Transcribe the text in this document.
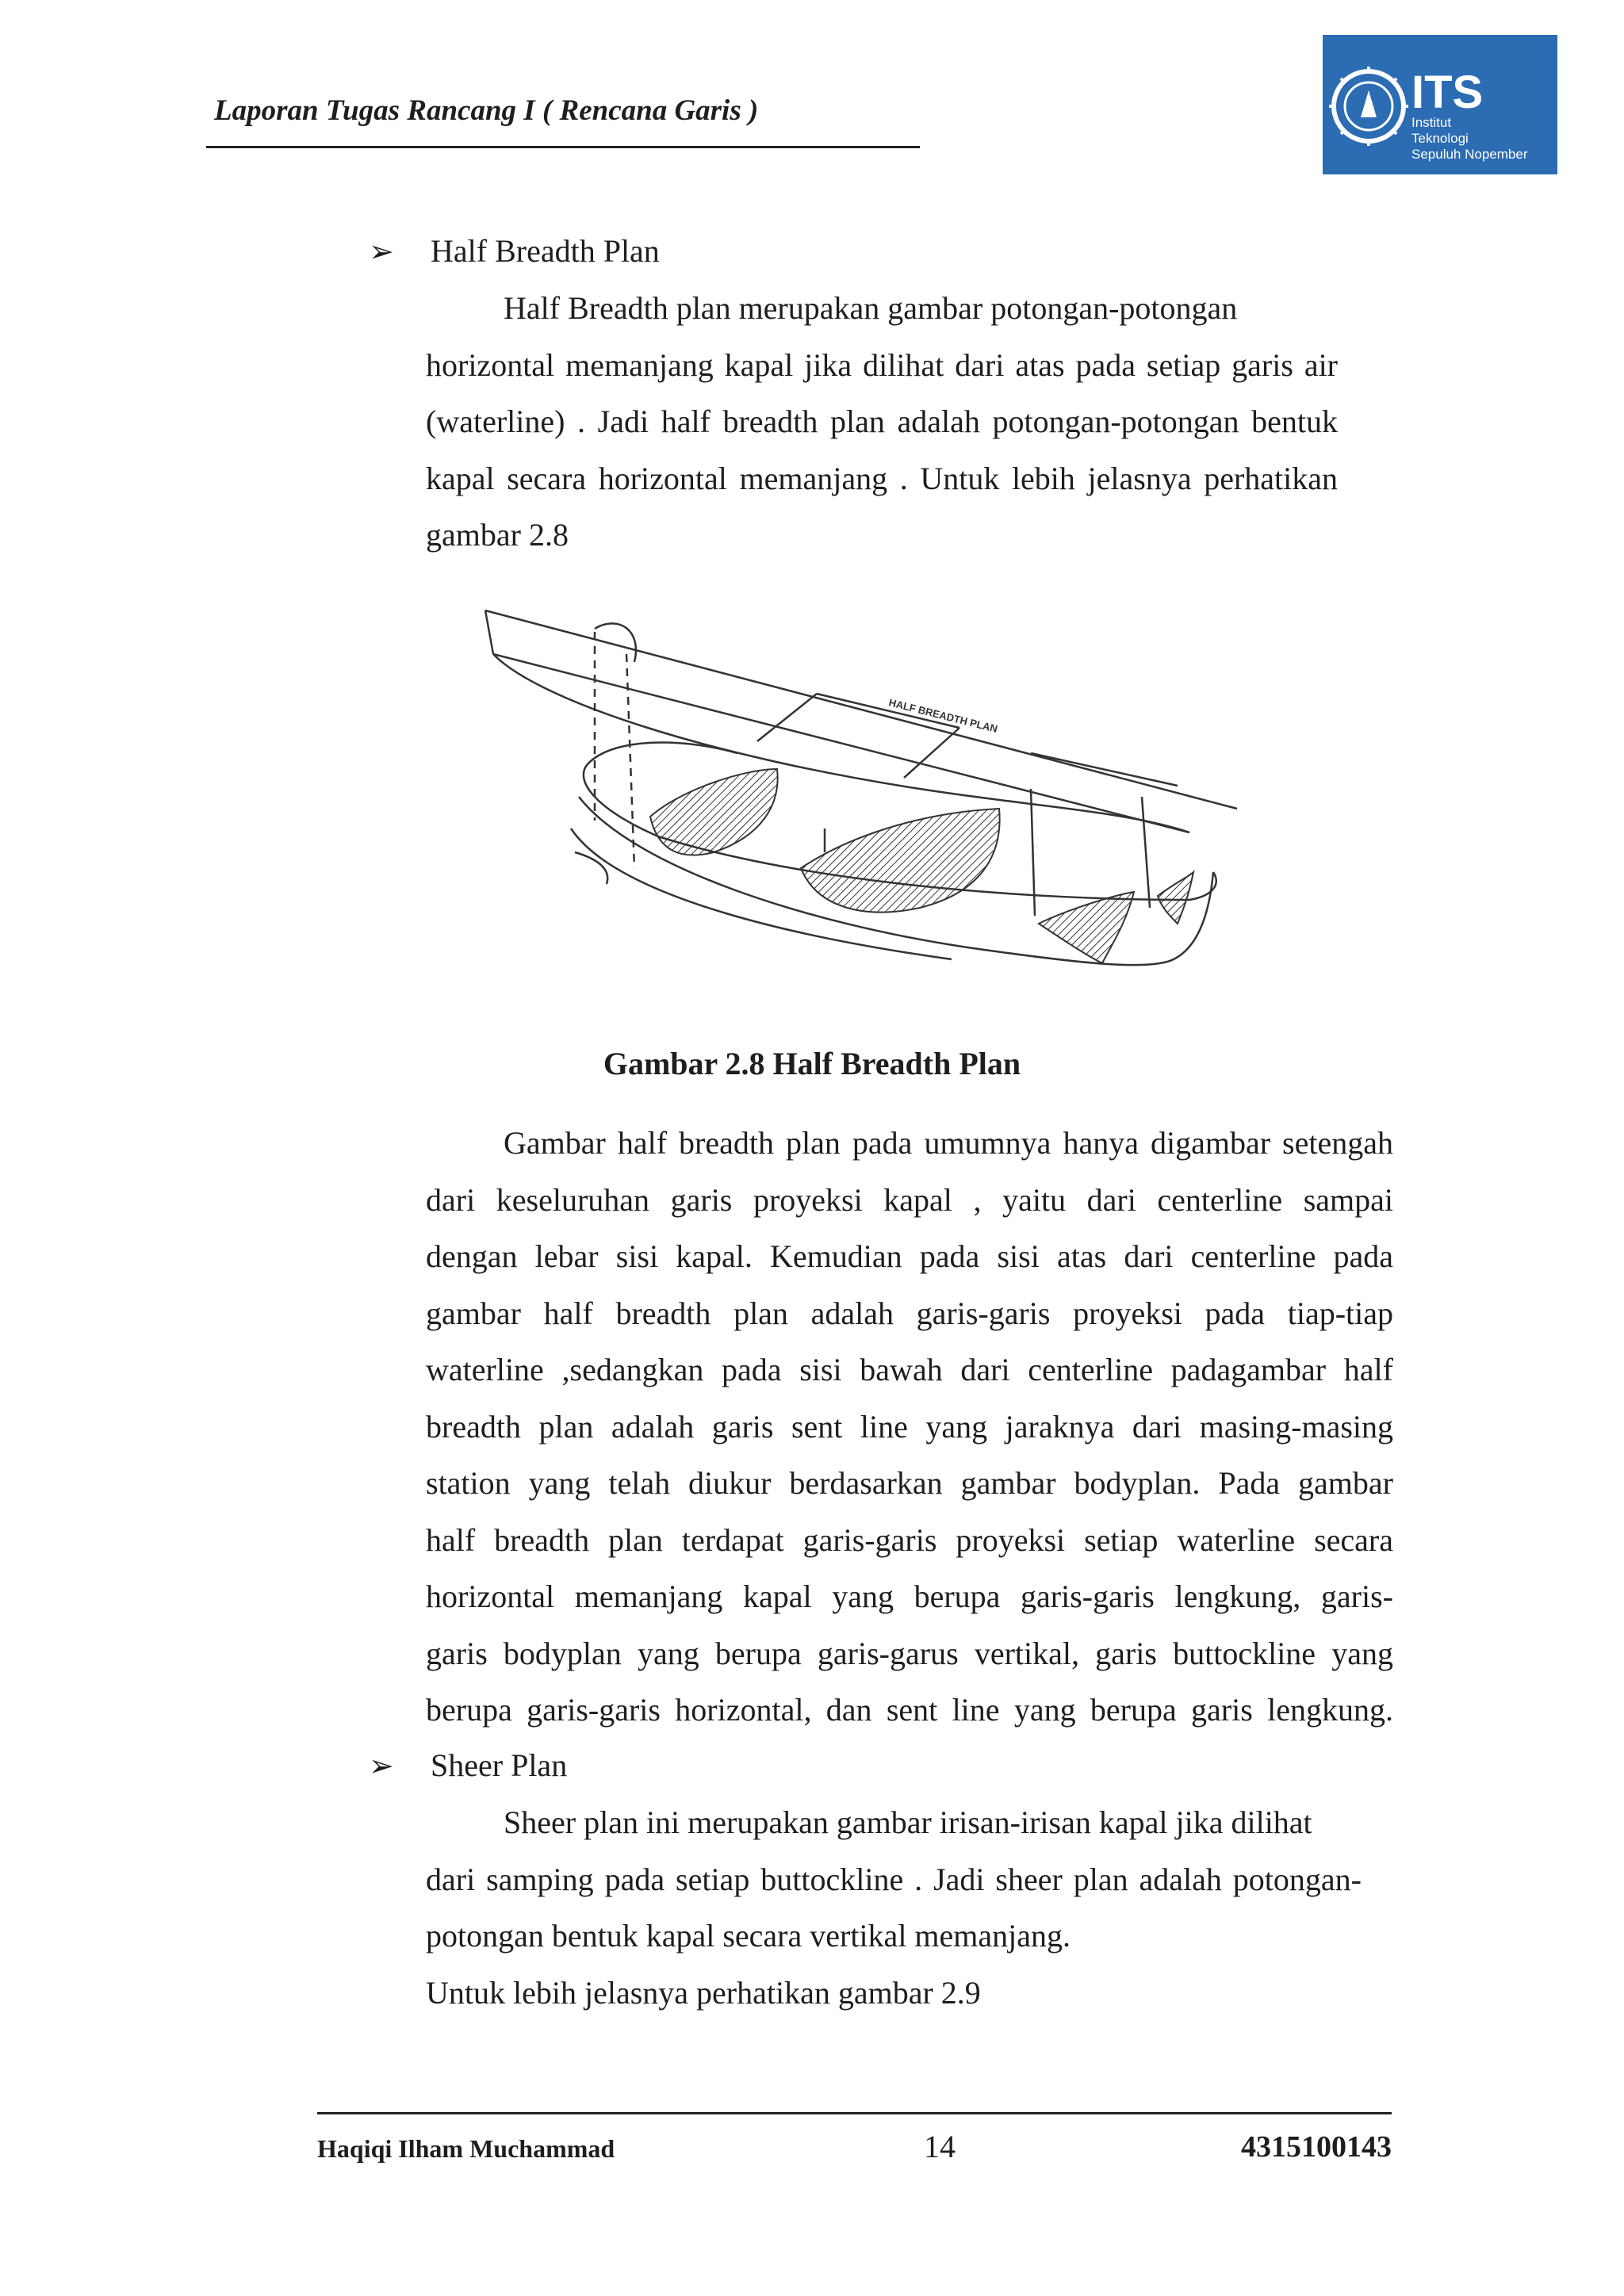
Laporan Tugas Rancang I ( Rencana Garis )	ITS
Institut
Teknologi
Sepuluh Nopember
➢ Half Breadth Plan
Half Breadth plan merupakan gambar potongan-potongan
horizontal memanjang kapal jika dilihat dari atas pada setiap garis air
(waterline) . Jadi half breadth plan adalah potongan-potongan bentuk
kapal secara horizontal memanjang . Untuk lebih jelasnya perhatikan
gambar 2.8
HALF BREADTH PLAN
Gambar 2.8 Half Breadth Plan
Gambar half breadth plan pada umumnya hanya digambar setengah
dari keseluruhan garis proyeksi kapal , yaitu dari centerline sampai
dengan lebar sisi kapal. Kemudian pada sisi atas dari centerline pada
gambar half breadth plan adalah garis-garis proyeksi pada tiap-tiap
waterline ,sedangkan pada sisi bawah dari centerline padagambar half
breadth plan adalah garis sent line yang jaraknya dari masing-masing
station yang telah diukur berdasarkan gambar bodyplan. Pada gambar
half breadth plan terdapat garis-garis proyeksi setiap waterline secara
horizontal memanjang kapal yang berupa garis-garis lengkung, garis-
garis bodyplan yang berupa garis-garus vertikal, garis buttockline yang
berupa garis-garis horizontal, dan sent line yang berupa garis lengkung.
➢ Sheer Plan
Sheer plan ini merupakan gambar irisan-irisan kapal jika dilihat
dari samping pada setiap buttockline . Jadi sheer plan adalah potongan-
potongan bentuk kapal secara vertikal memanjang.
Untuk lebih jelasnya perhatikan gambar 2.9
Haqiqi Ilham Muchammad	14	4315100143
